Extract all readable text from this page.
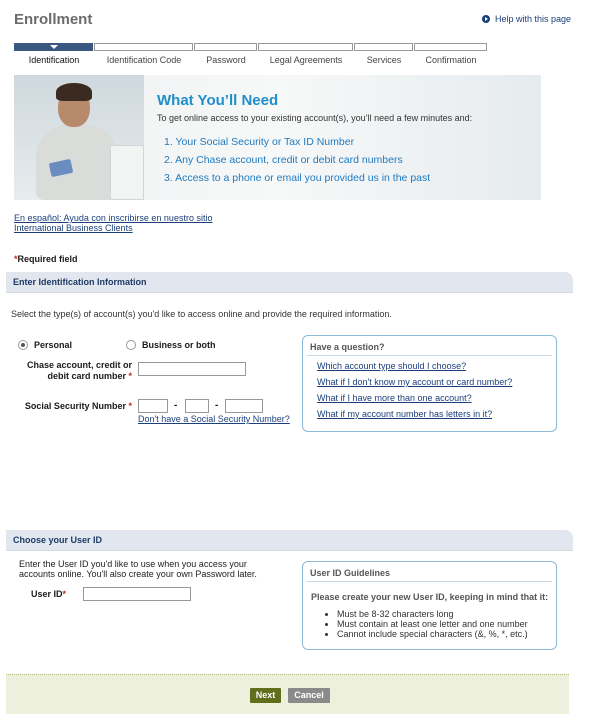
Enrollment	Help with this page
Identification	Identification Code	Password	Legal Agreements	Services	Confirmation
What You’ll Need
To get online access to your existing account(s), you’ll need a few minutes and:
1. Your Social Security or Tax ID Number
2. Any Chase account, credit or debit card numbers
3. Access to a phone or email you provided us in the past
En español: Ayuda con inscribirse en nuestro sitio
International Business Clients
*Required field
Enter Identification Information
Select the type(s) of account(s) you'd like to access online and provide the required information.
Personal	Business or both
Chase account, credit or
debit card number *
Social Security Number *	-	-
Don't have a Social Security Number?
Have a question?
Which account type should I choose?
What if I don't know my account or card number?
What if I have more than one account?
What if my account number has letters in it?
Choose your User ID
Enter the User ID you'd like to use when you access your accounts online. You'll also create your own Password later.
User ID*
User ID Guidelines
Please create your new User ID, keeping in mind that it:
• Must be 8-32 characters long
• Must contain at least one letter and one number
• Cannot include special characters (&, %, *, etc.)
Next	Cancel
